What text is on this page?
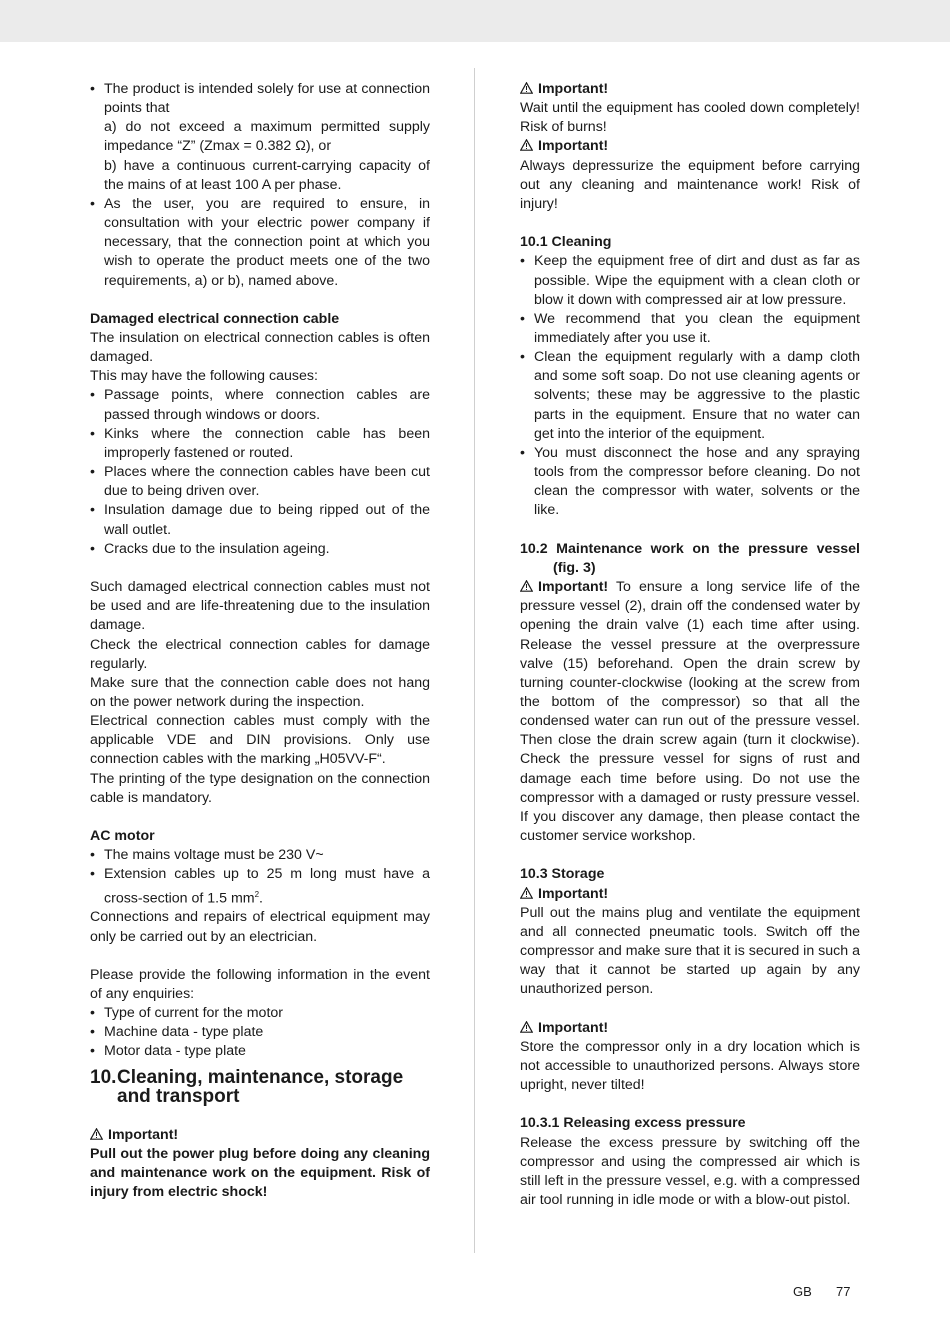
• The product is intended solely for use at connection points that
a) do not exceed a maximum permitted supply impedance “Z” (Zmax = 0.382 Ω), or
b) have a continuous current-carrying capacity of the mains of at least 100 A per phase.
• As the user, you are required to ensure, in consultation with your electric power company if necessary, that the connection point at which you wish to operate the product meets one of the two requirements, a) or b), named above.

Damaged electrical connection cable

The insulation on electrical connection cables is often damaged.

This may have the following causes:

• Passage points, where connection cables are passed through windows or doors.
• Kinks where the connection cable has been improperly fastened or routed.
• Places where the connection cables have been cut due to being driven over.
• Insulation damage due to being ripped out of the wall outlet.
• Cracks due to the insulation ageing.

Such damaged electrical connection cables must not be used and are life-threatening due to the insulation damage.

Check the electrical connection cables for damage regularly.

Make sure that the connection cable does not hang on the power network during the inspection.

Electrical connection cables must comply with the applicable VDE and DIN provisions. Only use connection cables with the marking „H05VV-F“.

The printing of the type designation on the connection cable is mandatory.

AC motor

• The mains voltage must be 230 V~
• Extension cables up to 25 m long must have a cross-section of 1.5 $mm^2$.

Connections and repairs of electrical equipment may only be carried out by an electrician.

Please provide the following information in the event of any enquiries:

• Type of current for the motor
• Machine data - type plate
• Motor data - type plate
10. Cleaning, maintenance, storage and transport

Important!

Pull out the power plug before doing any cleaning and maintenance work on the equipment. Risk of injury from electric shock!

Important!

Wait until the equipment has cooled down completely! Risk of burns!

Important!

Always depressurize the equipment before carrying out any cleaning and maintenance work! Risk of injury!

10.1 Cleaning

• Keep the equipment free of dirt and dust as far as possible. Wipe the equipment with a clean cloth or blow it down with compressed air at low pressure.
• We recommend that you clean the equipment immediately after you use it.
• Clean the equipment regularly with a damp cloth and some soft soap. Do not use cleaning agents or solvents; these may be aggressive to the plastic parts in the equipment. Ensure that no water can get into the interior of the equipment.
• You must disconnect the hose and any spraying tools from the compressor before cleaning. Do not clean the compressor with water, solvents or the like.

10.2 Maintenance work on the pressure vessel (fig. 3)

Important! To ensure a long service life of the pressure vessel (2), drain off the condensed water by opening the drain valve (1) each time after using. Release the vessel pressure at the overpressure valve (15) beforehand. Open the drain screw by turning counter-clockwise (looking at the screw from the bottom of the compressor) so that all the condensed water can run out of the pressure vessel. Then close the drain screw again (turn it clockwise). Check the pressure vessel for signs of rust and damage each time before using. Do not use the compressor with a damaged or rusty pressure vessel. If you discover any damage, then please contact the customer service workshop.

10.3 Storage

Important!

Pull out the mains plug and ventilate the equipment and all connected pneumatic tools. Switch off the compressor and make sure that it is secured in such a way that it cannot be started up again by any unauthorized person.

Important!

Store the compressor only in a dry location which is not accessible to unauthorized persons. Always store upright, never tilted!

10.3.1 Releasing excess pressure

Release the excess pressure by switching off the compressor and using the compressed air which is still left in the pressure vessel, e.g. with a compressed air tool running in idle mode or with a blow-out pistol.

GB 77
